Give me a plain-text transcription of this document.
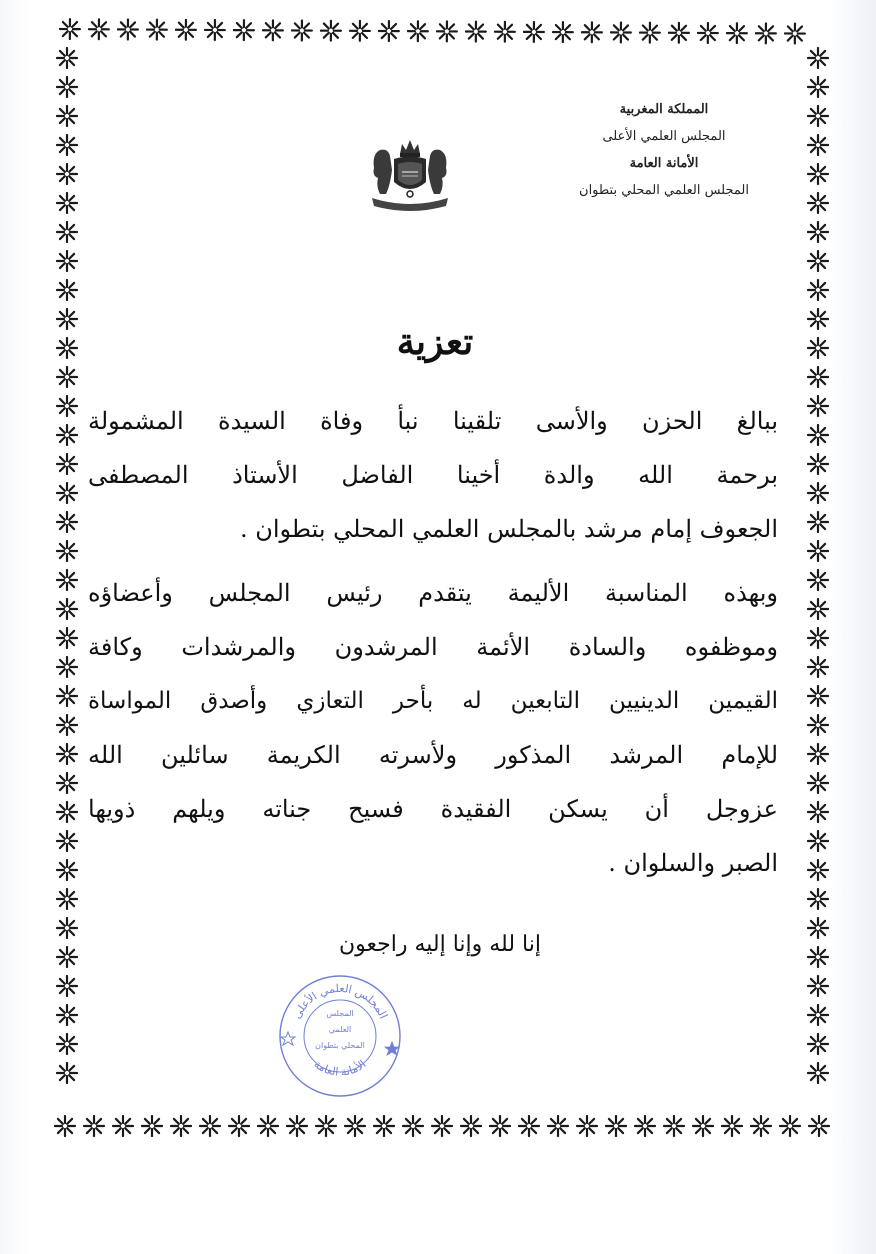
المملكة المغربية
المجلس العلمي الأعلى
الأمانة العامة
المجلس العلمي المحلي بتطوان
تعزية
ببالغ الحزن والأسى تلقينا نبأ وفاة السيدة المشمولة
برحمة الله والدة أخينا الفاضل الأستاذ المصطفى
الجعوف إمام مرشد بالمجلس العلمي المحلي بتطوان .
وبهذه المناسبة الأليمة يتقدم رئيس المجلس وأعضاؤه
وموظفوه والسادة الأئمة المرشدون والمرشدات وكافة
القيمين الدينيين التابعين له بأحر التعازي وأصدق المواساة
للإمام المرشد المذكور ولأسرته الكريمة سائلين الله
عزوجل أن يسكن الفقيدة فسيح جناته ويلهم ذويها
الصبر والسلوان .
إنا لله وإنا إليه راجعون
المجلس العلمي الأعلى
الأمانة العامة
المجلس
العلمي
المحلي بتطوان
